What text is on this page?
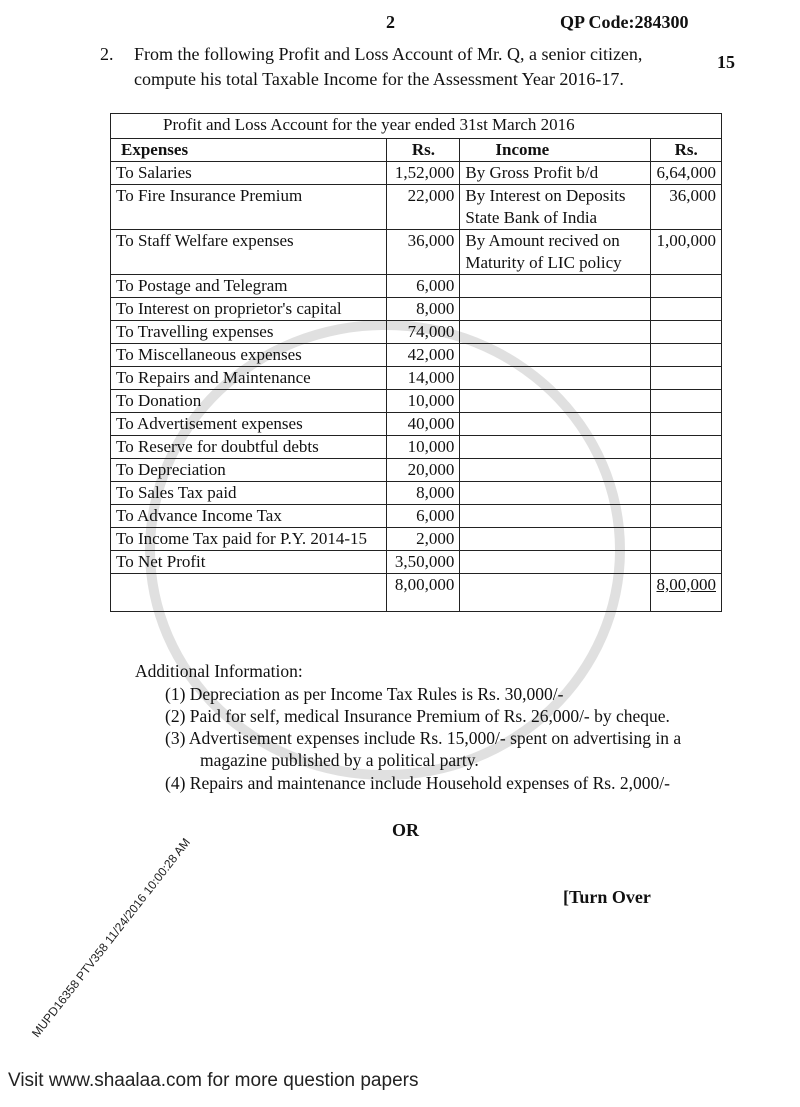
2	QP Code:284300
2. From the following Profit and Loss Account of Mr. Q, a senior citizen,
compute his total Taxable Income for the Assessment Year 2016-17.
15
Profit and Loss Account for the year ended 31st March 2016			
Expenses	Rs.	Income	Rs.
To Salaries	1,52,000	By Gross Profit b/d	6,64,000
To Fire Insurance Premium	22,000	By Interest on Deposits State Bank of India	36,000
To Staff Welfare expenses	36,000	By Amount recived on Maturity of LIC policy	1,00,000
To Postage and Telegram	6,000		
To Interest on proprietor's capital	8,000		
To Travelling expenses	74,000		
To Miscellaneous expenses	42,000		
To Repairs and Maintenance	14,000		
To Donation	10,000		
To Advertisement expenses	40,000		
To Reserve for doubtful debts	10,000		
To Depreciation	20,000		
To Sales Tax paid	8,000		
To Advance Income Tax	6,000		
To Income Tax paid for P.Y. 2014-15	2,000		
To Net Profit	3,50,000		
	8,00,000		8,00,000
Additional Information:
(1) Depreciation as per Income Tax Rules is Rs. 30,000/-
(2) Paid for self, medical Insurance Premium of Rs. 26,000/- by cheque.
(3) Advertisement expenses include Rs. 15,000/- spent on advertising in a
magazine published by a political party.
(4) Repairs and maintenance include Household expenses of Rs. 2,000/-
OR
[Turn Over
MUPD16358 PTV358 11/24/2016 10:00:28 AM
Visit www.shaalaa.com for more question papers
